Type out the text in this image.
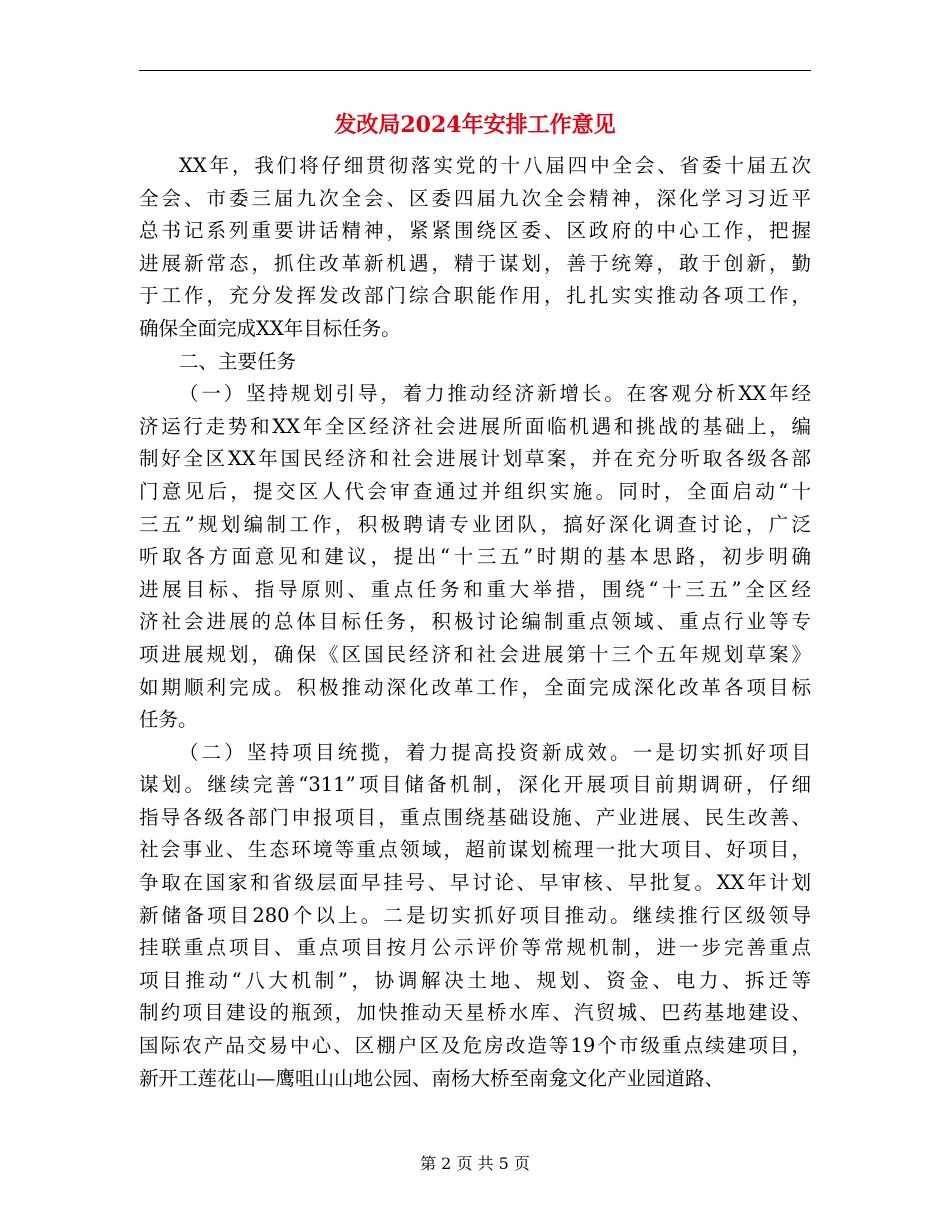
发改局2024年安排工作意见
XX年，我们将仔细贯彻落实党的十八届四中全会、省委十届五次
全会、市委三届九次全会、区委四届九次全会精神，深化学习习近平
总书记系列重要讲话精神，紧紧围绕区委、区政府的中心工作，把握
进展新常态，抓住改革新机遇，精于谋划，善于统筹，敢于创新，勤
于工作，充分发挥发改部门综合职能作用，扎扎实实推动各项工作，
确保全面完成XX年目标任务。
二、主要任务
（一）坚持规划引导，着力推动经济新增长。在客观分析XX年经
济运行走势和XX年全区经济社会进展所面临机遇和挑战的基础上，编
制好全区XX年国民经济和社会进展计划草案，并在充分听取各级各部
门意见后，提交区人代会审查通过并组织实施。同时，全面启动“十
三五”规划编制工作，积极聘请专业团队，搞好深化调查讨论，广泛
听取各方面意见和建议，提出“十三五”时期的基本思路，初步明确
进展目标、指导原则、重点任务和重大举措，围绕“十三五”全区经
济社会进展的总体目标任务，积极讨论编制重点领域、重点行业等专
项进展规划，确保《区国民经济和社会进展第十三个五年规划草案》
如期顺利完成。积极推动深化改革工作，全面完成深化改革各项目标
任务。
（二）坚持项目统揽，着力提高投资新成效。一是切实抓好项目
谋划。继续完善“311”项目储备机制，深化开展项目前期调研，仔细
指导各级各部门申报项目，重点围绕基础设施、产业进展、民生改善、
社会事业、生态环境等重点领域，超前谋划梳理一批大项目、好项目，
争取在国家和省级层面早挂号、早讨论、早审核、早批复。XX年计划
新储备项目280个以上。二是切实抓好项目推动。继续推行区级领导
挂联重点项目、重点项目按月公示评价等常规机制，进一步完善重点
项目推动“八大机制”，协调解决土地、规划、资金、电力、拆迁等
制约项目建设的瓶颈，加快推动天星桥水库、汽贸城、巴药基地建设、
国际农产品交易中心、区棚户区及危房改造等19个市级重点续建项目，
新开工莲花山—鹰咀山山地公园、南杨大桥至南龛文化产业园道路、
第 2 页 共 5 页
